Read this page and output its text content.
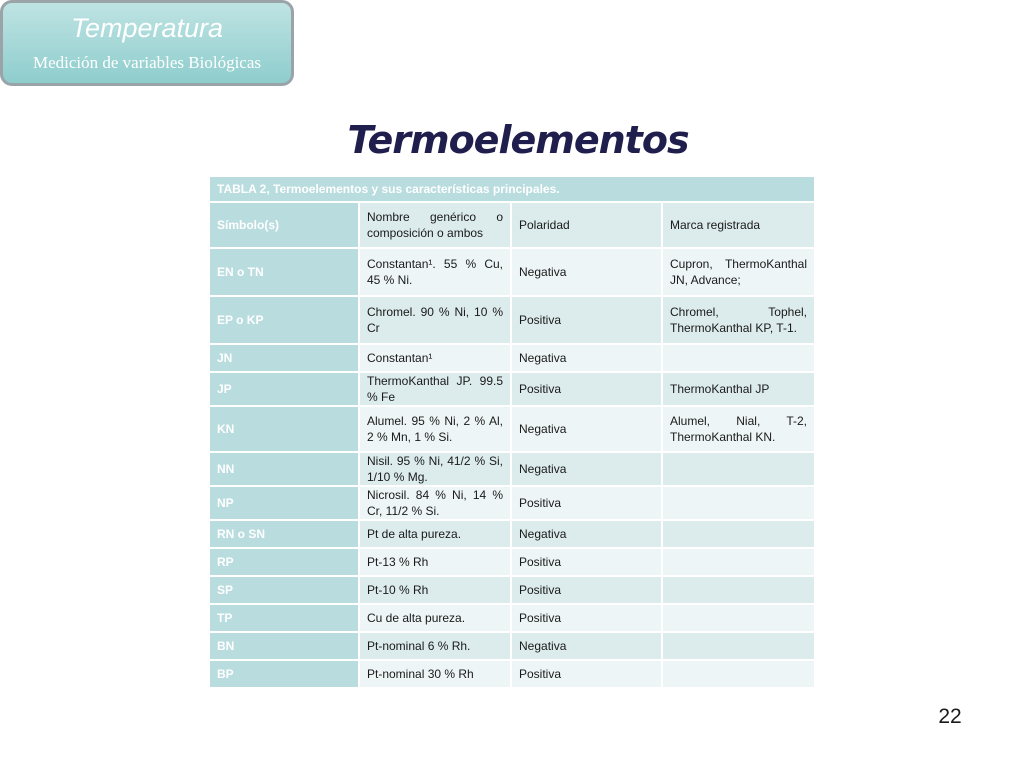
Temperatura
Medición de variables Biológicas
Termoelementos
TABLA 2, Termoelementos y sus características principales.			
Símbolo(s)	Nombre genérico o composición o ambos	Polaridad	Marca registrada
EN o TN	Constantan¹. 55 % Cu, 45 % Ni.	Negativa	Cupron, ThermoKanthal JN, Advance;
EP o KP	Chromel. 90 % Ni, 10 % Cr	Positiva	Chromel, Tophel, ThermoKanthal KP, T-1.
JN	Constantan¹	Negativa	
JP	ThermoKanthal JP. 99.5 % Fe	Positiva	ThermoKanthal JP
KN	Alumel. 95 % Ni, 2 % Al, 2 % Mn, 1 % Si.	Negativa	Alumel, Nial, T-2, ThermoKanthal KN.
NN	Nisil. 95 % Ni, 41/2 % Si, 1/10 % Mg.	Negativa	
NP	Nicrosil. 84 % Ni, 14 % Cr, 11/2 % Si.	Positiva	
RN o SN	Pt de alta pureza.	Negativa	
RP	Pt-13 % Rh	Positiva	
SP	Pt-10 % Rh	Positiva	
TP	Cu de alta pureza.	Positiva	
BN	Pt-nominal 6 % Rh.	Negativa	
BP	Pt-nominal 30 % Rh	Positiva	
22
